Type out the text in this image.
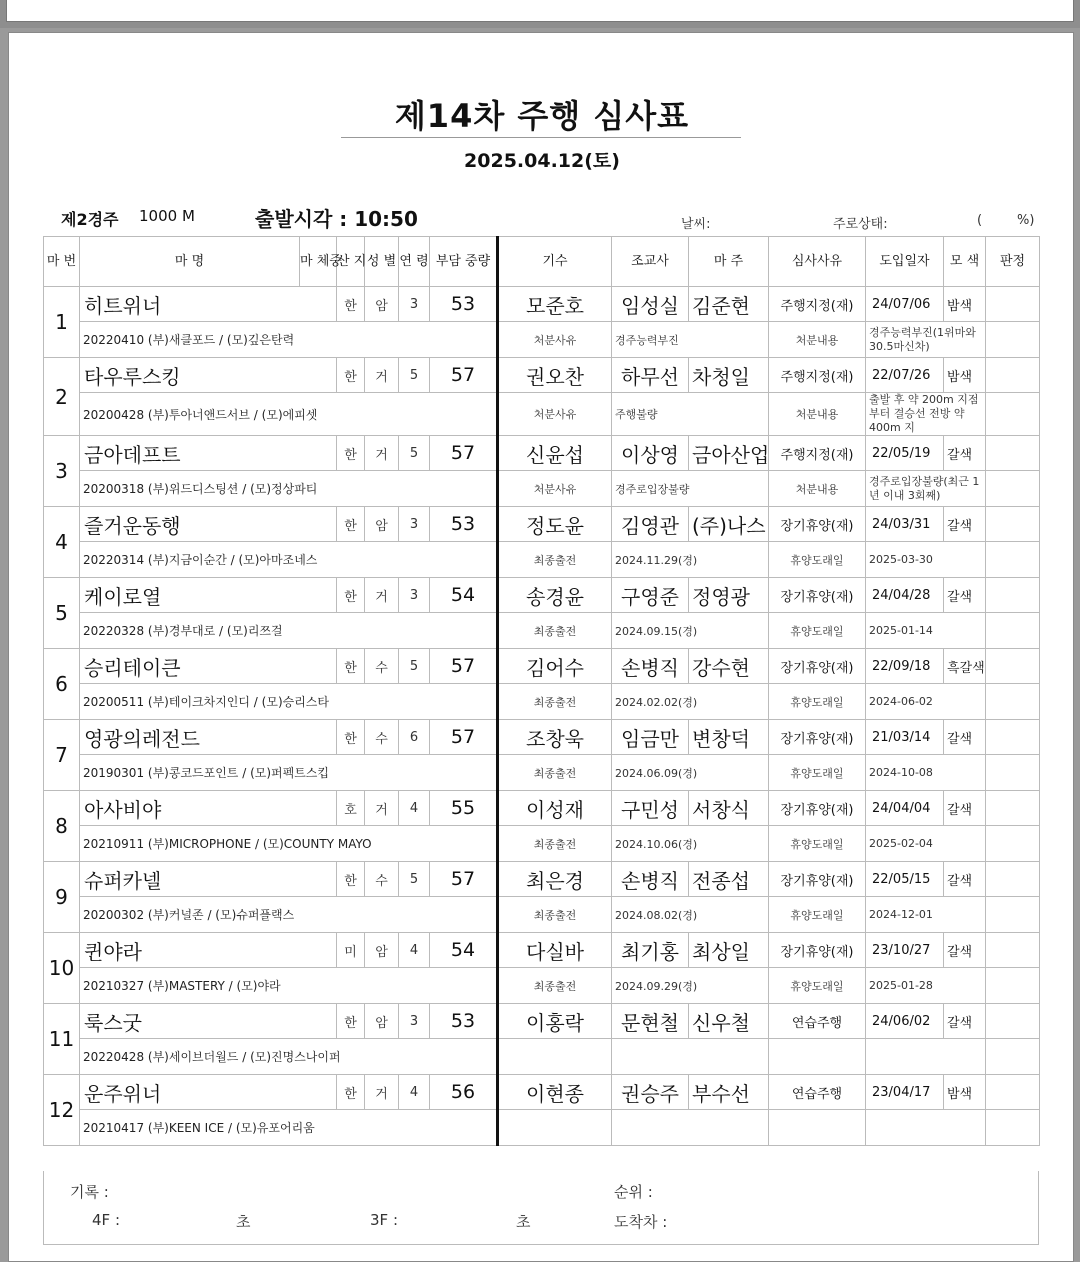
제14차 주행 심사표
2025.04.12(토)
제2경주 1000 M	출발시각 : 10:50	날씨:	주로상태:	(	%)
마 번	마 명	마 체중	산 지	성 별	연 령	부담 중량	기수	조교사	마 주	심사사유	도입일자	모 색	판정
1	히트위너		한	암	3	53	모준호	임성실	김준현	주행지정(재)	24/07/06	밤색	
	20220410 (부)새클포드 / (모)깊은탄력						처분사유	경주능력부진		처분내용	경주능력부진(1위마와 30.5마신차)		
2	타우루스킹		한	거	5	57	권오찬	하무선	차청일	주행지정(재)	22/07/26	밤색	
	20200428 (부)투아너앤드서브 / (모)에피셋						처분사유	주행불량		처분내용	출발 후 약 200m 지점부터 결승선 전방 약 400m 지		
3	금아데프트		한	거	5	57	신윤섭	이상영	금아산업	주행지정(재)	22/05/19	갈색	
	20200318 (부)위드디스팅션 / (모)정상파티						처분사유	경주로입장불량		처분내용	경주로입장불량(최근 1년 이내 3회째)		
4	즐거운동행		한	암	3	53	정도윤	김영관	(주)나스	장기휴양(재)	24/03/31	갈색	
	20220314 (부)지금이순간 / (모)아마조네스						최종출전	2024.11.29(경)		휴양도래일	2025-03-30		
5	케이로열		한	거	3	54	송경윤	구영준	정영광	장기휴양(재)	24/04/28	갈색	
	20220328 (부)경부대로 / (모)리쯔걸						최종출전	2024.09.15(경)		휴양도래일	2025-01-14		
6	승리테이큰		한	수	5	57	김어수	손병직	강수현	장기휴양(재)	22/09/18	흑갈색	
	20200511 (부)테이크차지인디 / (모)승리스타						최종출전	2024.02.02(경)		휴양도래일	2024-06-02		
7	영광의레전드		한	수	6	57	조창욱	임금만	변창덕	장기휴양(재)	21/03/14	갈색	
	20190301 (부)콩코드포인트 / (모)퍼펙트스킵						최종출전	2024.06.09(경)		휴양도래일	2024-10-08		
8	아사비야		호	거	4	55	이성재	구민성	서창식	장기휴양(재)	24/04/04	갈색	
	20210911 (부)MICROPHONE / (모)COUNTY MAYO						최종출전	2024.10.06(경)		휴양도래일	2025-02-04		
9	슈퍼카넬		한	수	5	57	최은경	손병직	전종섭	장기휴양(재)	22/05/15	갈색	
	20200302 (부)커널존 / (모)슈퍼플랙스						최종출전	2024.08.02(경)		휴양도래일	2024-12-01		
10	퀸야라		미	암	4	54	다실바	최기홍	최상일	장기휴양(재)	23/10/27	갈색	
	20210327 (부)MASTERY / (모)야라						최종출전	2024.09.29(경)		휴양도래일	2025-01-28		
11	룩스굿		한	암	3	53	이홍락	문현철	신우철	연습주행	24/06/02	갈색	
	20220428 (부)세이브더월드 / (모)진명스나이퍼												
12	운주위너		한	거	4	56	이현종	권승주	부수선	연습주행	23/04/17	밤색	
	20210417 (부)KEEN ICE / (모)유포어리움												
기록 :
4F :	초	3F :	초
순위 :
도착차 :
